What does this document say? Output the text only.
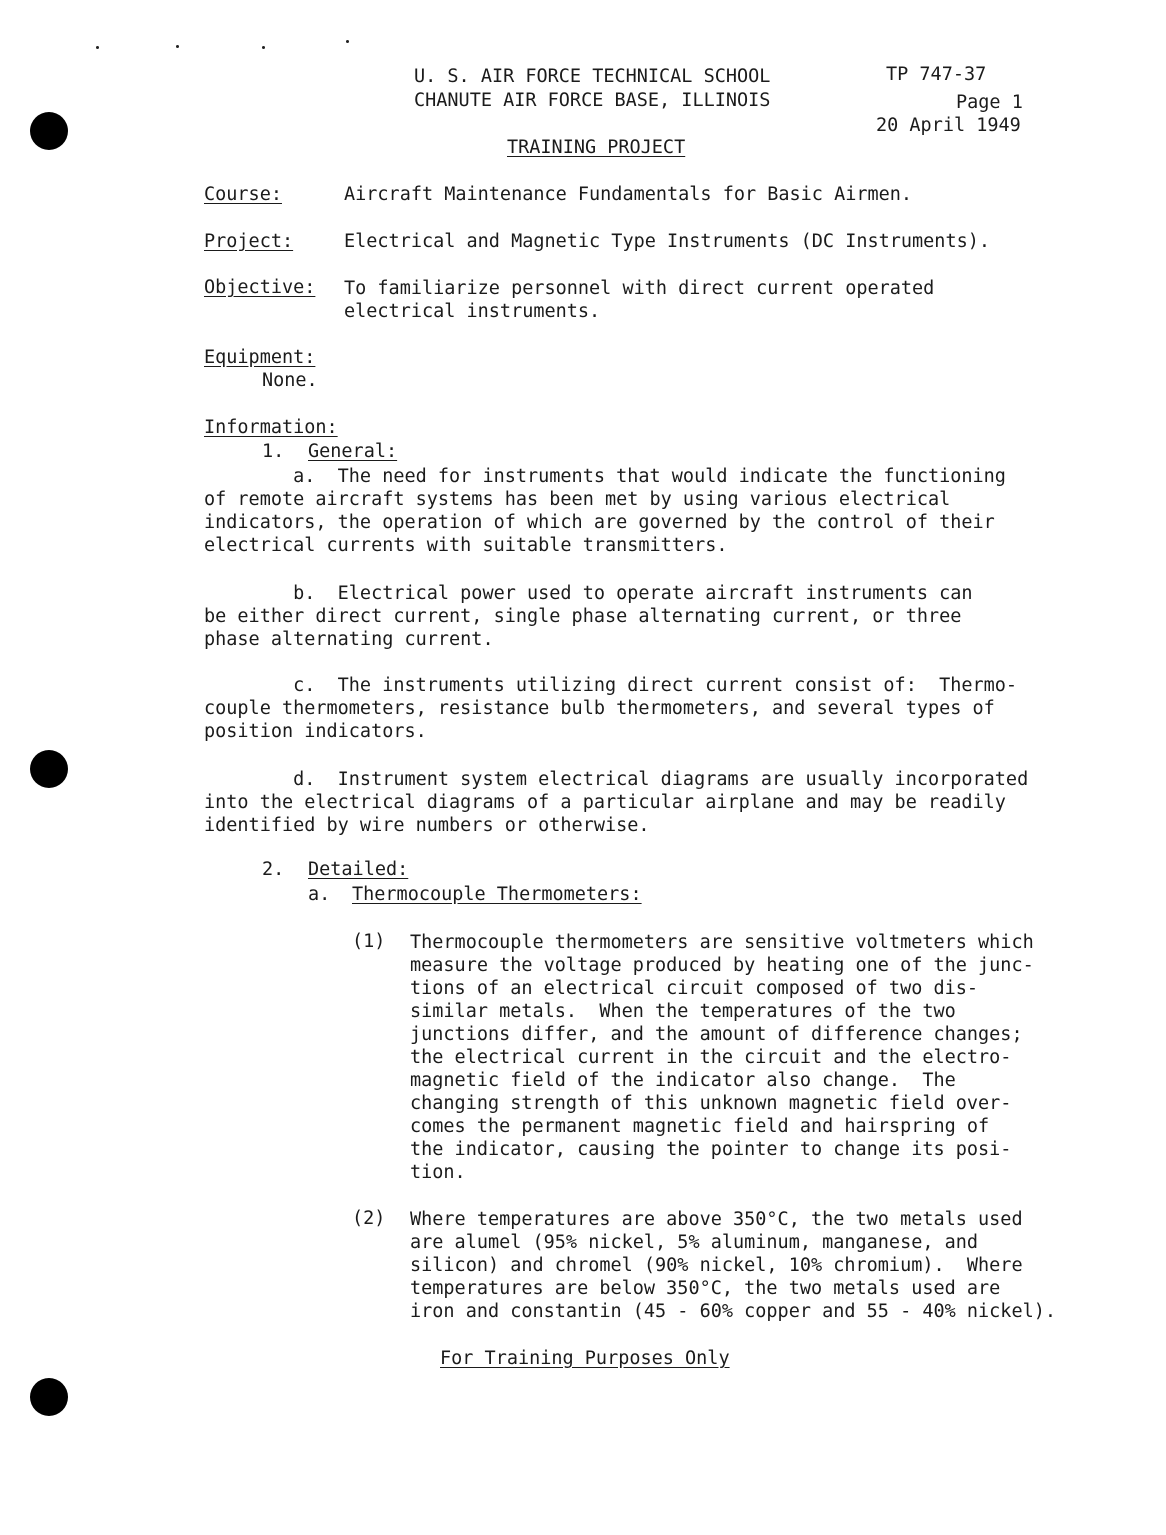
U. S. AIR FORCE TECHNICAL SCHOOL
CHANUTE AIR FORCE BASE, ILLINOIS
TP 747-37
Page 1
20 April 1949
TRAINING PROJECT
Course:	Aircraft Maintenance Fundamentals for Basic Airmen.
Project:	Electrical and Magnetic Type Instruments (DC Instruments).
Objective: To familiarize personnel with direct current operated
electrical instruments.
Equipment:
None.
Information:
1. General:
a.  The need for instruments that would indicate the functioning
of remote aircraft systems has been met by using various electrical
indicators, the operation of which are governed by the control of their
electrical currents with suitable transmitters.
b.  Electrical power used to operate aircraft instruments can
be either direct current, single phase alternating current, or three
phase alternating current.
c.  The instruments utilizing direct current consist of:  Thermo-
couple thermometers, resistance bulb thermometers, and several types of
position indicators.
d.  Instrument system electrical diagrams are usually incorporated
into the electrical diagrams of a particular airplane and may be readily
identified by wire numbers or otherwise.
2. Detailed:
a. Thermocouple Thermometers:
(1) Thermocouple thermometers are sensitive voltmeters which
measure the voltage produced by heating one of the junc-
tions of an electrical circuit composed of two dis-
similar metals.  When the temperatures of the two
junctions differ, and the amount of difference changes;
the electrical current in the circuit and the electro-
magnetic field of the indicator also change.  The
changing strength of this unknown magnetic field over-
comes the permanent magnetic field and hairspring of
the indicator, causing the pointer to change its posi-
tion.
(2) Where temperatures are above 350°C, the two metals used
are alumel (95% nickel, 5% aluminum, manganese, and
silicon) and chromel (90% nickel, 10% chromium).  Where
temperatures are below 350°C, the two metals used are
iron and constantin (45 - 60% copper and 55 - 40% nickel).
For Training Purposes Only
